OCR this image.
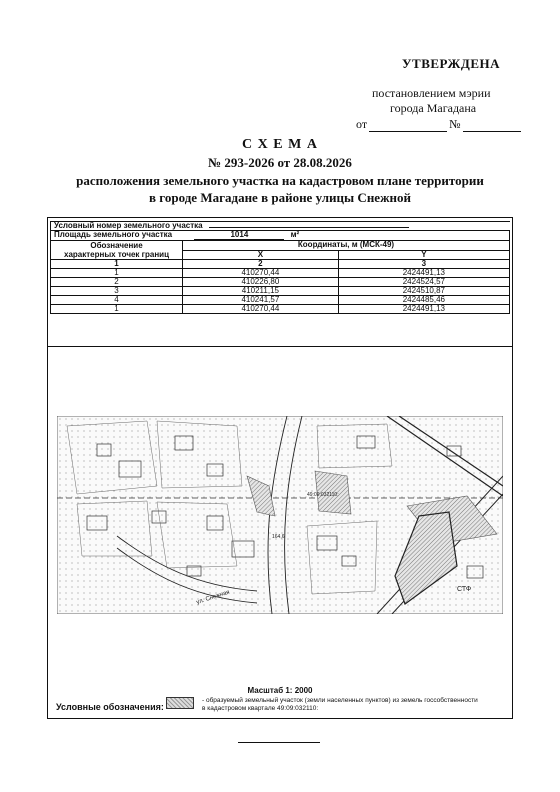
УТВЕРЖДЕНА
постановлением мэрии
города Магадана
от	№
С Х Е М А
№ 293-2026 от 28.08.2026
расположения земельного участка на кадастровом плане территории
в городе Магадане в районе улицы Снежной
Условный номер земельного участка		
Площадь земельного участка 1014 м²		

Обозначение
характерных точек границ	Координаты, м (МСК-49)	
	X	Y
1	2	3
1	410270,44	2424491,13
2	410226,80	2424524,57
3	410211,15	2424510,87
4	410241,57	2424485,46
1	410270,44	2424491,13
ул. Снежная
СТФ
49:09:032110:
164,6
Масштаб 1: 2000
Условные обозначения:
- образуемый земельный участок (земли населенных пунктов) из земель госсобственности
в кадастровом квартале 49:09:032110:
